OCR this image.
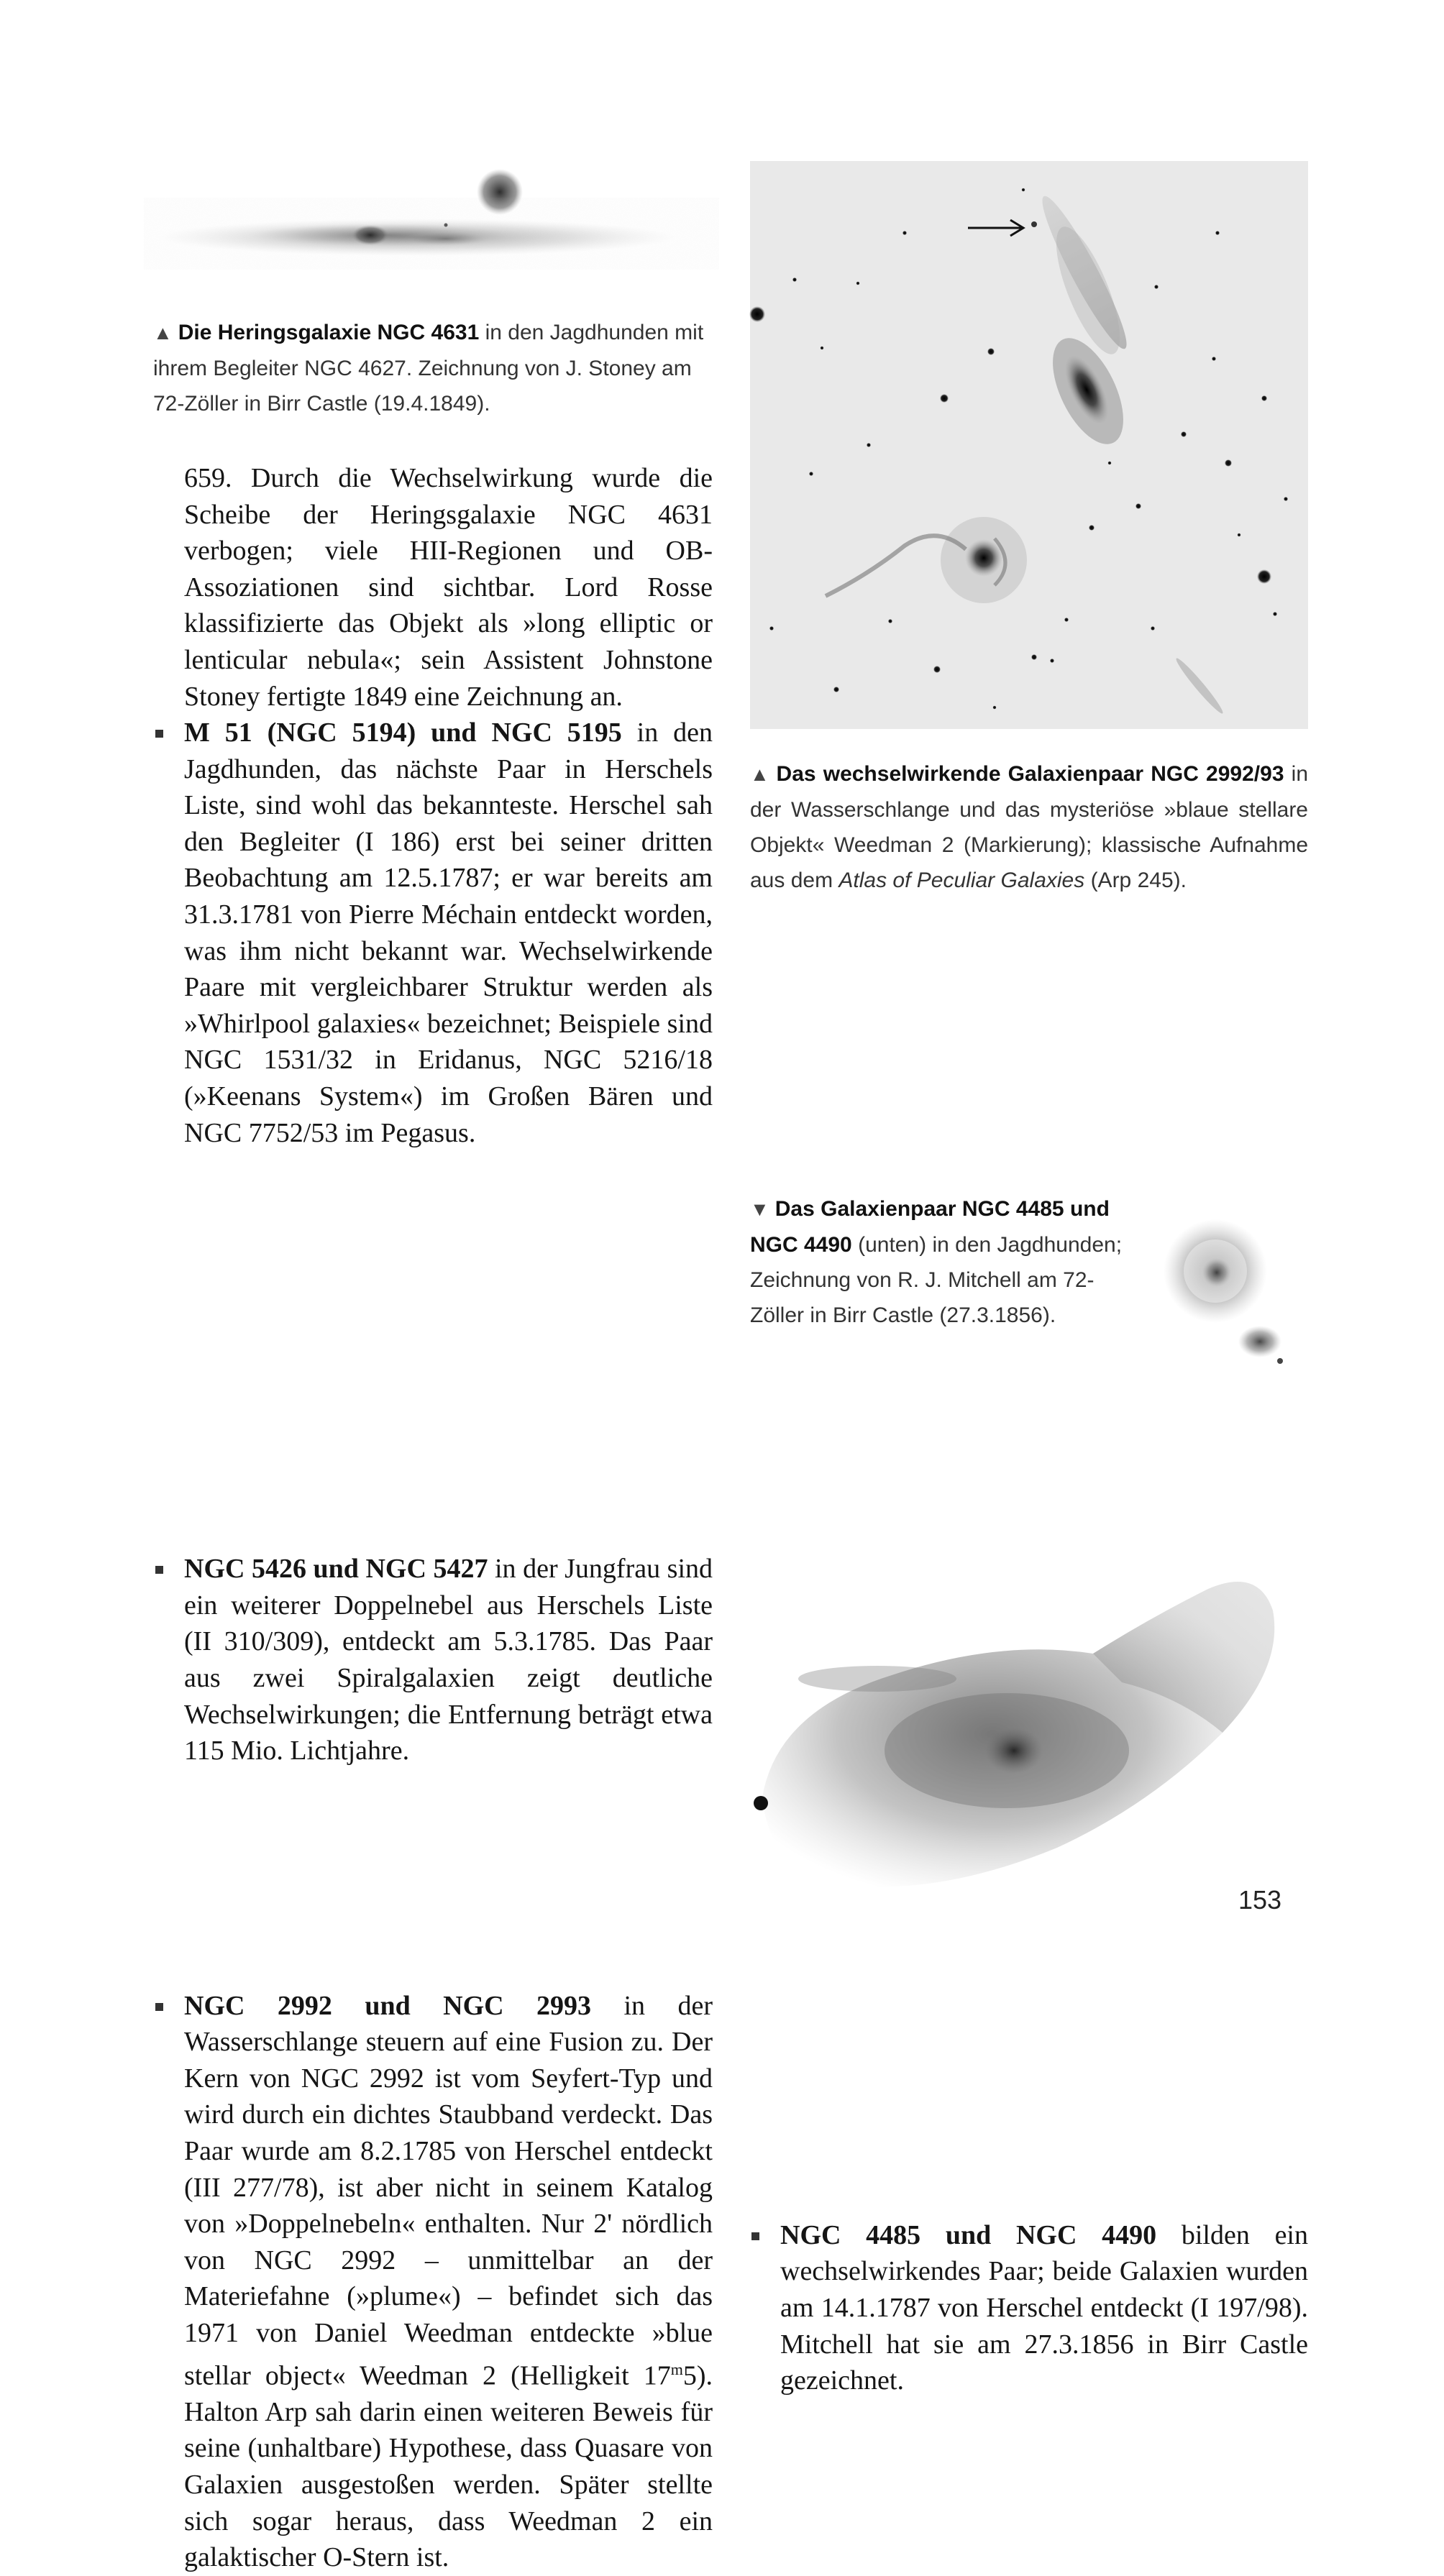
▲ Die Heringsgalaxie NGC 4631 in den Jagdhunden mit ihrem Begleiter NGC 4627. Zeichnung von J. Stoney am 72-Zöller in Birr Castle (19.4.1849).

659. Durch die Wechselwirkung wurde die Scheibe der Heringsgalaxie NGC 4631 verbogen; viele HII-Regionen und OB-Assoziationen sind sichtbar. Lord Rosse klassifizierte das Objekt als »long elliptic or lenticular nebula«; sein Assistent Johnstone Stoney fertigte 1849 eine Zeichnung an.

M 51 (NGC 5194) und NGC 5195 in den Jagdhunden, das nächste Paar in Herschels Liste, sind wohl das bekannteste. Herschel sah den Begleiter (I 186) erst bei seiner dritten Beobachtung am 12.5.1787; er war bereits am 31.3.1781 von Pierre Méchain entdeckt worden, was ihm nicht bekannt war. Wechselwirkende Paare mit vergleichbarer Struktur werden als »Whirlpool galaxies« bezeichnet; Beispiele sind NGC 1531/32 in Eridanus, NGC 5216/18 (»Keenans System«) im Großen Bären und NGC 7752/53 im Pegasus.

NGC 5426 und NGC 5427 in der Jungfrau sind ein weiterer Doppelnebel aus Herschels Liste (II 310/309), entdeckt am 5.3.1785. Das Paar aus zwei Spiralgalaxien zeigt deutliche Wechselwirkungen; die Entfernung beträgt etwa 115 Mio. Lichtjahre.

NGC 2992 und NGC 2993 in der Wasserschlange steuern auf eine Fusion zu. Der Kern von NGC 2992 ist vom Seyfert-Typ und wird durch ein dichtes Staubband verdeckt. Das Paar wurde am 8.2.1785 von Herschel entdeckt (III 277/78), ist aber nicht in seinem Katalog von »Doppelnebeln« enthalten. Nur 2' nördlich von NGC 2992 – unmittelbar an der Materiefahne (»plume«) – befindet sich das 1971 von Daniel Weedman entdeckte »blue stellar object« Weedman 2 (Helligkeit 17$^m$5). Halton Arp sah darin einen weiteren Beweis für seine (unhaltbare) Hypothese, dass Quasare von Galaxien ausgestoßen werden. Später stellte sich sogar heraus, dass Weedman 2 ein galaktischer O-Stern ist.

▲ Das wechselwirkende Galaxienpaar NGC 2992/93 in der Wasserschlange und das mysteriöse »blaue stellare Objekt« Weedman 2 (Markierung); klassische Aufnahme aus dem Atlas of Peculiar Galaxies (Arp 245).

NGC 4485 und NGC 4490 bilden ein wechselwirkendes Paar; beide Galaxien wurden am 14.1.1787 von Herschel entdeckt (I 197/98). Mitchell hat sie am 27.3.1856 in Birr Castle gezeichnet.

▼ Das Galaxienpaar NGC 4485 und NGC 4490 (unten) in den Jagdhunden; Zeichnung von R. J. Mitchell am 72-Zöller in Birr Castle (27.3.1856).

153
